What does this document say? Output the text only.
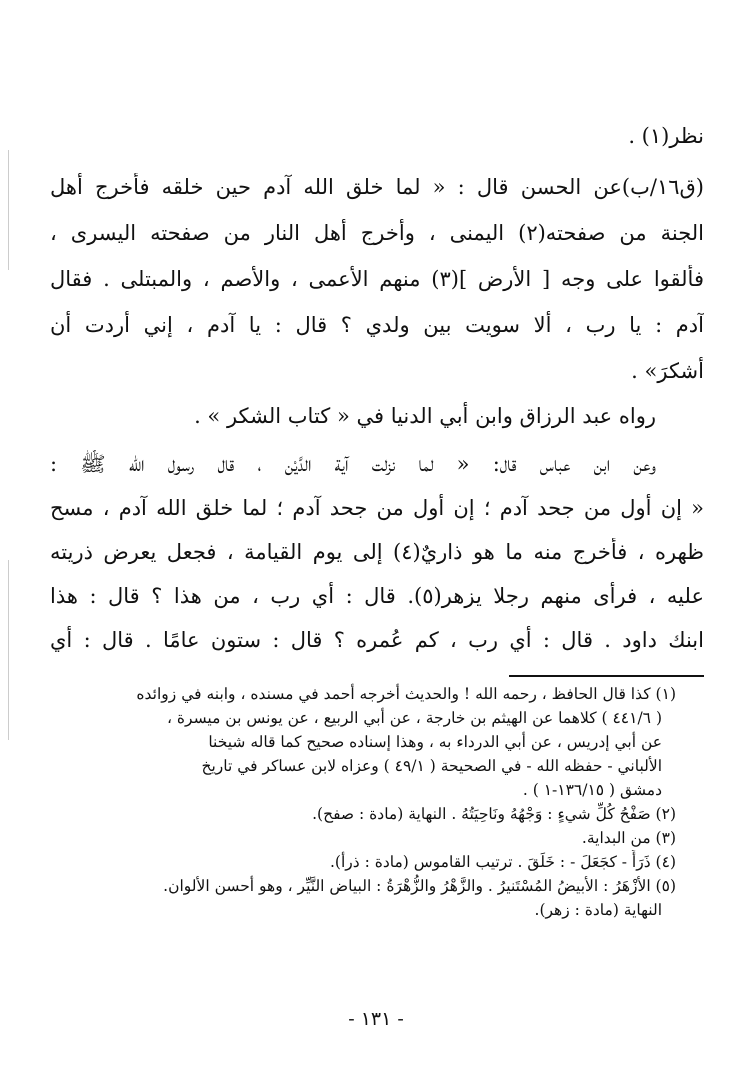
نظر(١) .
(ق١٦/ب)عن الحسن قال : « لما خلق الله آدم حين خلقه فأخرج أهل
الجنة من صفحته(٢) اليمنى ، وأخرج أهل النار من صفحته اليسرى ،
فألقوا على وجه [ الأرض ](٣) منهم الأعمى ، والأصم ، والمبتلى . فقال
آدم : يا رب ، ألا سويت بين ولدي ؟ قال : يا آدم ، إني أردت أن
أشكرَ» .
رواه عبد الرزاق وابن أبي الدنيا في « كتاب الشكر » .
وعن ابن عباس قال: « لما نزلت آية الدَّيْن ، قال رسول الله ﷺ :
« إن أول من جحد آدم ؛ إن أول من جحد آدم ؛ لما خلق الله آدم ، مسح
ظهره ، فأخرج منه ما هو ذاريٌ(٤) إلى يوم القيامة ، فجعل يعرض ذريته
عليه ، فرأى منهم رجلا يزهر(٥). قال : أي رب ، من هذا ؟ قال : هذا
ابنك داود . قال : أي رب ، كم عُمره ؟ قال : ستون عامًا . قال : أي
(١) كذا قال الحافظ ، رحمه الله ! والحديث أخرجه أحمد في مسنده ، وابنه في زوائده
( ٤٤١/٦ ) كلاهما عن الهيثم بن خارجة ، عن أبي الربيع ، عن يونس بن ميسرة ،
عن أبي إدريس ، عن أبي الدرداء به ، وهذا إسناده صحيح كما قاله شيخنا
الألباني - حفظه الله - في الصحيحة ( ٤٩/١ ) وعزاه لابن عساكر في تاريخ
دمشق ( ١٣٦/١٥-١ ) .
(٢) صَفْحُ كُلِّ شيءٍ : وَجْهُهُ ونَاحِيَتُهُ . النهاية (مادة : صفح).
(٣) من البداية.
(٤) ذَرَأَ - كجَعَلَ - : خَلَقَ . ترتيب القاموس (مادة : ذرأ).
(٥) الأزْهَرُ : الأبيضُ المُسْتَنيرُ . والزَّهْرُ والزُّهْرَةُ : البياض النَّيِّر ، وهو أحسن الألوان.
النهاية (مادة : زهر).
- ١٣١ -
